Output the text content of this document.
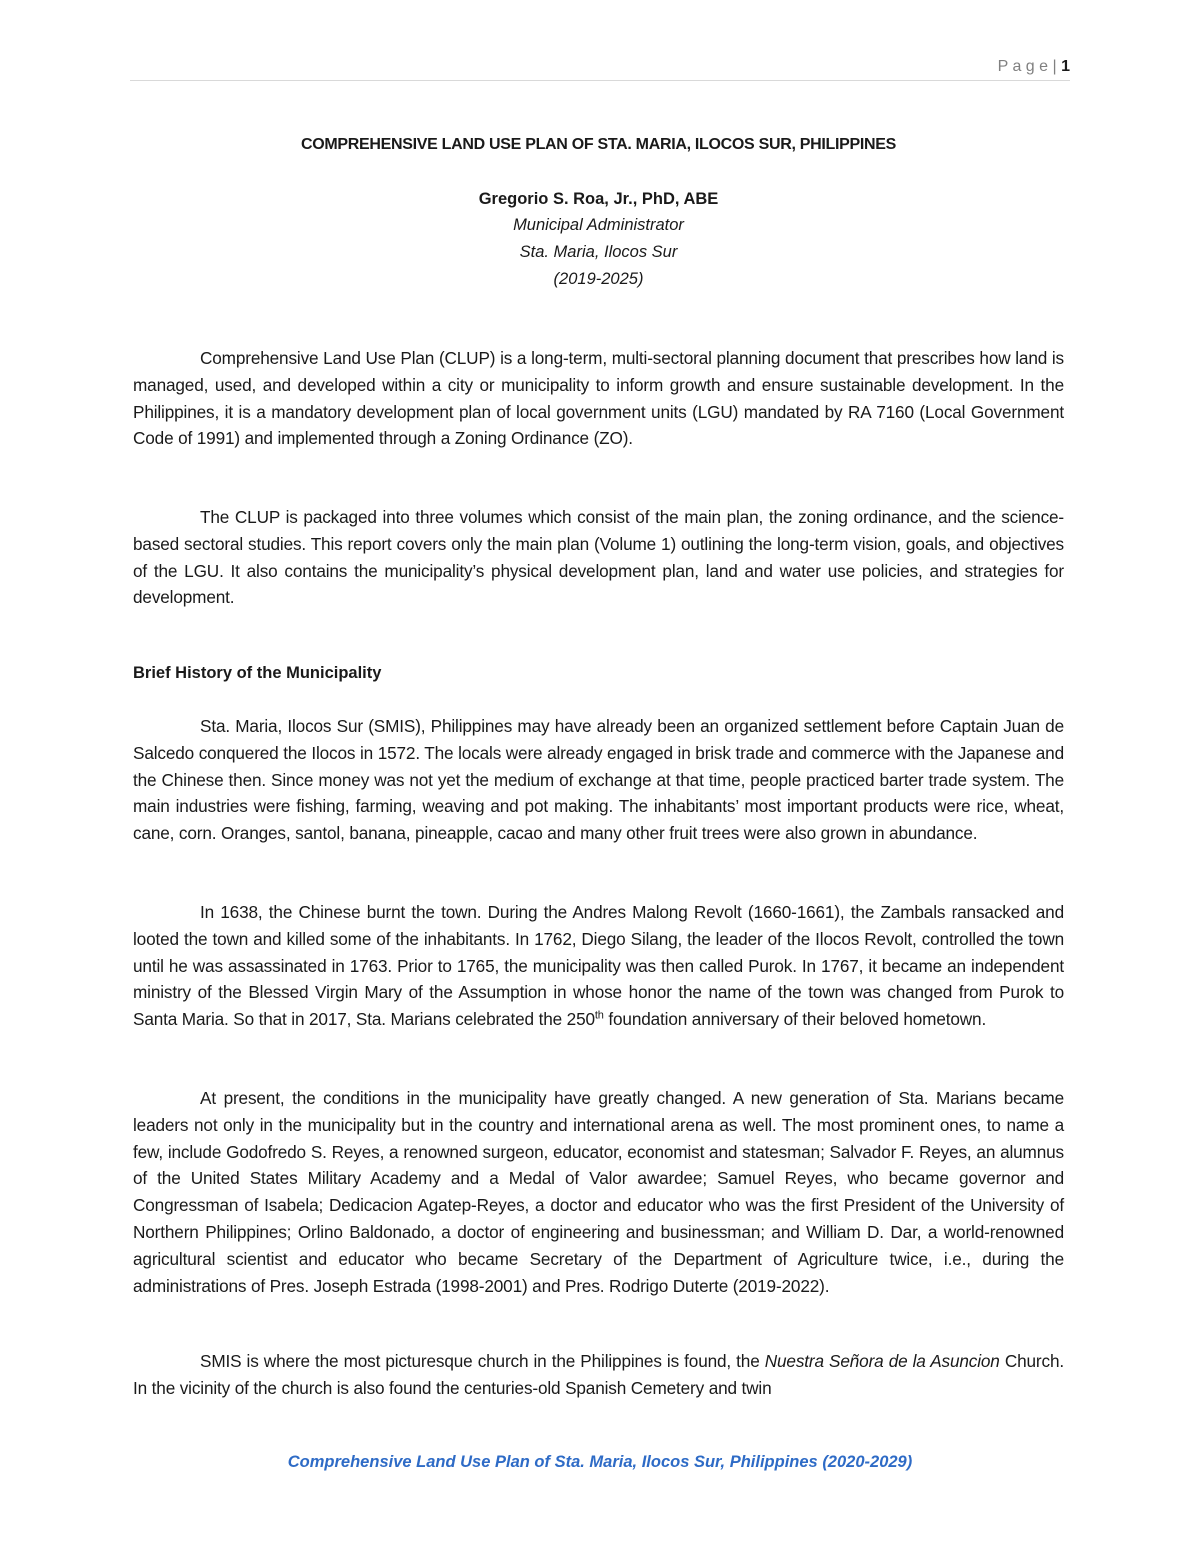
P a g e | 1
COMPREHENSIVE LAND USE PLAN OF STA. MARIA, ILOCOS SUR, PHILIPPINES
Gregorio S. Roa, Jr., PhD, ABE
Municipal Administrator
Sta. Maria, Ilocos Sur
(2019-2025)

Comprehensive Land Use Plan (CLUP) is a long-term, multi-sectoral planning document that prescribes how land is managed, used, and developed within a city or municipality to inform growth and ensure sustainable development. In the Philippines, it is a mandatory development plan of local government units (LGU) mandated by RA 7160 (Local Government Code of 1991) and implemented through a Zoning Ordinance (ZO).

The CLUP is packaged into three volumes which consist of the main plan, the zoning ordinance, and the science-based sectoral studies. This report covers only the main plan (Volume 1) outlining the long-term vision, goals, and objectives of the LGU. It also contains the municipality’s physical development plan, land and water use policies, and strategies for development.

Brief History of the Municipality

Sta. Maria, Ilocos Sur (SMIS), Philippines may have already been an organized settlement before Captain Juan de Salcedo conquered the Ilocos in 1572. The locals were already engaged in brisk trade and commerce with the Japanese and the Chinese then. Since money was not yet the medium of exchange at that time, people practiced barter trade system. The main industries were fishing, farming, weaving and pot making. The inhabitants’ most important products were rice, wheat, cane, corn. Oranges, santol, banana, pineapple, cacao and many other fruit trees were also grown in abundance.

In 1638, the Chinese burnt the town. During the Andres Malong Revolt (1660-1661), the Zambals ransacked and looted the town and killed some of the inhabitants. In 1762, Diego Silang, the leader of the Ilocos Revolt, controlled the town until he was assassinated in 1763. Prior to 1765, the municipality was then called Purok. In 1767, it became an independent ministry of the Blessed Virgin Mary of the Assumption in whose honor the name of the town was changed from Purok to Santa Maria. So that in 2017, Sta. Marians celebrated the 250th foundation anniversary of their beloved hometown.

At present, the conditions in the municipality have greatly changed. A new generation of Sta. Marians became leaders not only in the municipality but in the country and international arena as well. The most prominent ones, to name a few, include Godofredo S. Reyes, a renowned surgeon, educator, economist and statesman; Salvador F. Reyes, an alumnus of the United States Military Academy and a Medal of Valor awardee; Samuel Reyes, who became governor and Congressman of Isabela; Dedicacion Agatep-Reyes, a doctor and educator who was the first President of the University of Northern Philippines; Orlino Baldonado, a doctor of engineering and businessman; and William D. Dar, a world-renowned agricultural scientist and educator who became Secretary of the Department of Agriculture twice, i.e., during the administrations of Pres. Joseph Estrada (1998-2001) and Pres. Rodrigo Duterte (2019-2022).

SMIS is where the most picturesque church in the Philippines is found, the Nuestra Señora de la Asuncion Church. In the vicinity of the church is also found the centuries-old Spanish Cemetery and twin

Comprehensive Land Use Plan of Sta. Maria, Ilocos Sur, Philippines (2020-2029)
